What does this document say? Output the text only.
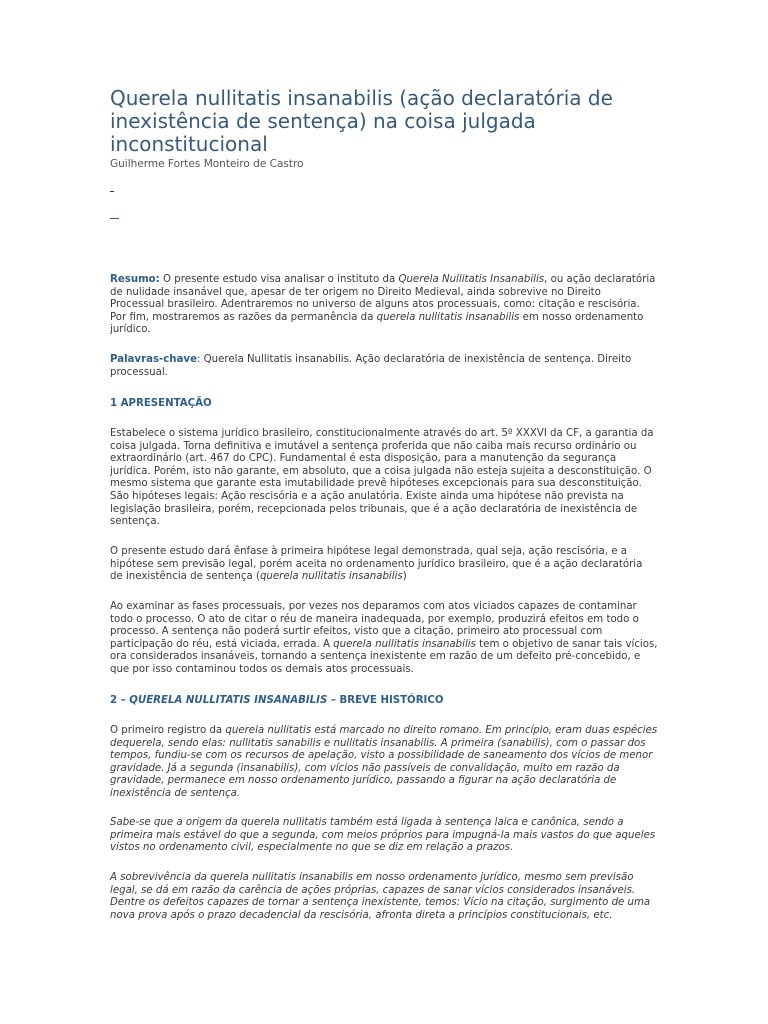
Querela nullitatis insanabilis (ação declaratória de inexistência de sentença) na coisa julgada inconstitucional
Guilherme Fortes Monteiro de Castro

Resumo: O presente estudo visa analisar o instituto da Querela Nullitatis Insanabilis, ou ação declaratória de nulidade insanável que, apesar de ter origem no Direito Medieval, ainda sobrevive no Direito Processual brasileiro. Adentraremos no universo de alguns atos processuais, como: citação e rescisória. Por fim, mostraremos as razões da permanência da querela nullitatis insanabilis em nosso ordenamento jurídico.

Palavras-chave: Querela Nullitatis insanabilis. Ação declaratória de inexistência de sentença. Direito processual.

1 APRESENTAÇÃO

Estabelece o sistema jurídico brasileiro, constitucionalmente através do art. 5º XXXVI da CF, a garantia da coisa julgada. Torna definitiva e imutável a sentença proferida que não caiba mais recurso ordinário ou extraordinário (art. 467 do CPC). Fundamental é esta disposição, para a manutenção da segurança jurídica. Porém, isto não garante, em absoluto, que a coisa julgada não esteja sujeita a desconstituição. O mesmo sistema que garante esta imutabilidade prevê hipóteses excepcionais para sua desconstituição. São hipóteses legais: Ação rescisória e a ação anulatória. Existe ainda uma hipótese não prevista na legislação brasileira, porém, recepcionada pelos tribunais, que é a ação declaratória de inexistência de sentença.

O presente estudo dará ênfase à primeira hipótese legal demonstrada, qual seja, ação rescisória, e a hipótese sem previsão legal, porém aceita no ordenamento jurídico brasileiro, que é a ação declaratória de inexistência de sentença (querela nullitatis insanabilis)

Ao examinar as fases processuais, por vezes nos deparamos com atos viciados capazes de contaminar todo o processo. O ato de citar o réu de maneira inadequada, por exemplo, produzirá efeitos em todo o processo. A sentença não poderá surtir efeitos, visto que a citação, primeiro ato processual com participação do réu, está viciada, errada. A querela nullitatis insanabilis tem o objetivo de sanar tais vícios, ora considerados insanáveis, tornando a sentença inexistente em razão de um defeito pré-concebido, e que por isso contaminou todos os demais atos processuais.

2 – QUERELA NULLITATIS INSANABILIS – BREVE HISTÓRICO

O primeiro registro da querela nullitatis está marcado no direito romano. Em princípio, eram duas espécies dequerela, sendo elas: nullitatis sanabilis e nullitatis insanabilis. A primeira (sanabilis), com o passar dos tempos, fundiu-se com os recursos de apelação, visto a possibilidade de saneamento dos vícios de menor gravidade. Já a segunda (insanabilis), com vícios não passíveis de convalidação, muito em razão da gravidade, permanece em nosso ordenamento jurídico, passando a figurar na ação declaratória de inexistência de sentença.

Sabe-se que a origem da querela nullitatis também está ligada à sentença laica e canônica, sendo a primeira mais estável do que a segunda, com meios próprios para impugná-la mais vastos do que aqueles vistos no ordenamento civil, especialmente no que se diz em relação a prazos.

A sobrevivência da querela nullitatis insanabilis em nosso ordenamento jurídico, mesmo sem previsão legal, se dá em razão da carência de ações próprias, capazes de sanar vícios considerados insanáveis. Dentre os defeitos capazes de tornar a sentença inexistente, temos: Vício na citação, surgimento de uma nova prova após o prazo decadencial da rescisória, afronta direta a princípios constitucionais, etc.
